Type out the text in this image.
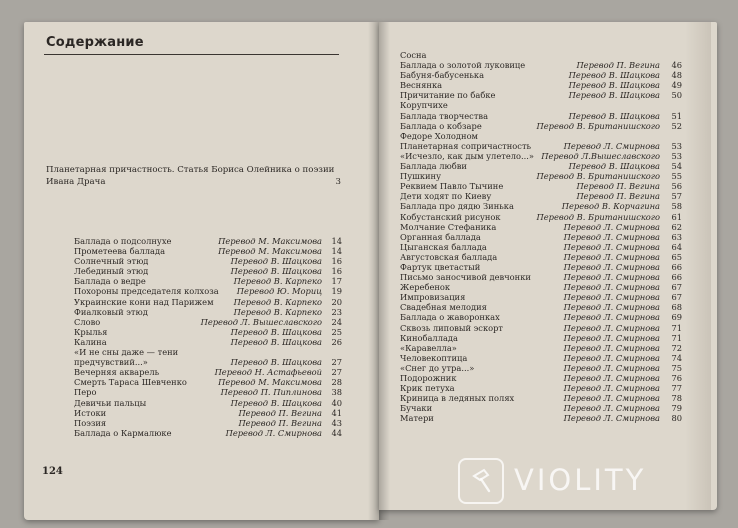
Содержание
Планетарная причастность. Статья Бориса Олейника о поэзии
Ивана Драча	3
Баллада о подсолнухе	Перевод М. Максимова 14
Прометеева баллада	Перевод М. Максимова 14
Солнечный этюд	Перевод В. Шацкова 16
Лебединый этюд	Перевод В. Шацкова 16
Баллада о ведре	Перевод В. Карпеко 17
Похороны председателя колхоза Перевод Ю. Мориц 19
Украинские кони над Парижем Перевод В. Карпеко 20
Фиалковый этюд	Перевод В. Карпеко 23
Слово	Перевод Л. Вышеславского 24
Крылья	Перевод В. Шацкова 25
Калина	Перевод В. Шацкова 26
«И не сны даже — тени
предчувствий...»	Перевод В. Шацкова 27
Вечерняя акварель	Перевод Н. Астафьевой 27
Смерть Тараса Шевченко	Перевод М. Максимова 28
Перо	Перевод П. Пиплинова 38
Девичьи пальцы	Перевод В. Шацкова 40
Истоки	Перевод П. Вегина 41
Поэзия	Перевод П. Вегина 43
Баллада о Кармалюке	Перевод Л. Смирнова 44
Сосна
Баллада о золотой луковице	Перевод П. Вегина 46
Бабуня-бабусенька	Перевод В. Шацкова 48
Веснянка	Перевод В. Шацкова 49
Причитание по бабке	Перевод В. Шацкова 50
Корупчихе
Баллада творчества	Перевод В. Шацкова 51
Баллада о кобзаре	Перевод В. Британишского 52
Федоре Холодном
Планетарная сопричастность	Перевод Л. Смирнова 53
«Исчезло, как дым улетело...» Перевод Л.Вышеславского 53
Баллада любви	Перевод В. Шацкова 54
Пушкину	Перевод В. Британишского 55
Реквием Павло Тычине	Перевод П. Вегина 56
Дети ходят по Киеву	Перевод П. Вегина 57
Баллада про дядю Зинька	Перевод В. Корчагина 58
Кобустанский рисунок	Перевод В. Британишского 61
Молчание Стефаника	Перевод Л. Смирнова 62
Органная баллада	Перевод Л. Смирнова 63
Цыганская баллада	Перевод Л. Смирнова 64
Августовская баллада	Перевод Л. Смирнова 65
Фартук цветастый	Перевод Л. Смирнова 66
Письмо заносчивой девчонки	Перевод Л. Смирнова 66
Жеребенок	Перевод Л. Смирнова 67
Импровизация	Перевод Л. Смирнова 67
Свадебная мелодия	Перевод Л. Смирнова 68
Баллада о жаворонках	Перевод Л. Смирнова 69
Сквозь липовый эскорт	Перевод Л. Смирнова 71
Кинобаллада	Перевод Л. Смирнова 71
«Каравелла»	Перевод Л. Смирнова 72
Человекоптица	Перевод Л. Смирнова 74
«Снег до утра...»	Перевод Л. Смирнова 75
Подорожник	Перевод Л. Смирнова 76
Крик петуха	Перевод Л. Смирнова 77
Криница в ледяных полях	Перевод Л. Смирнова 78
Бучаки	Перевод Л. Смирнова 79
Матери	Перевод Л. Смирнова 80
124	VIOLITY
